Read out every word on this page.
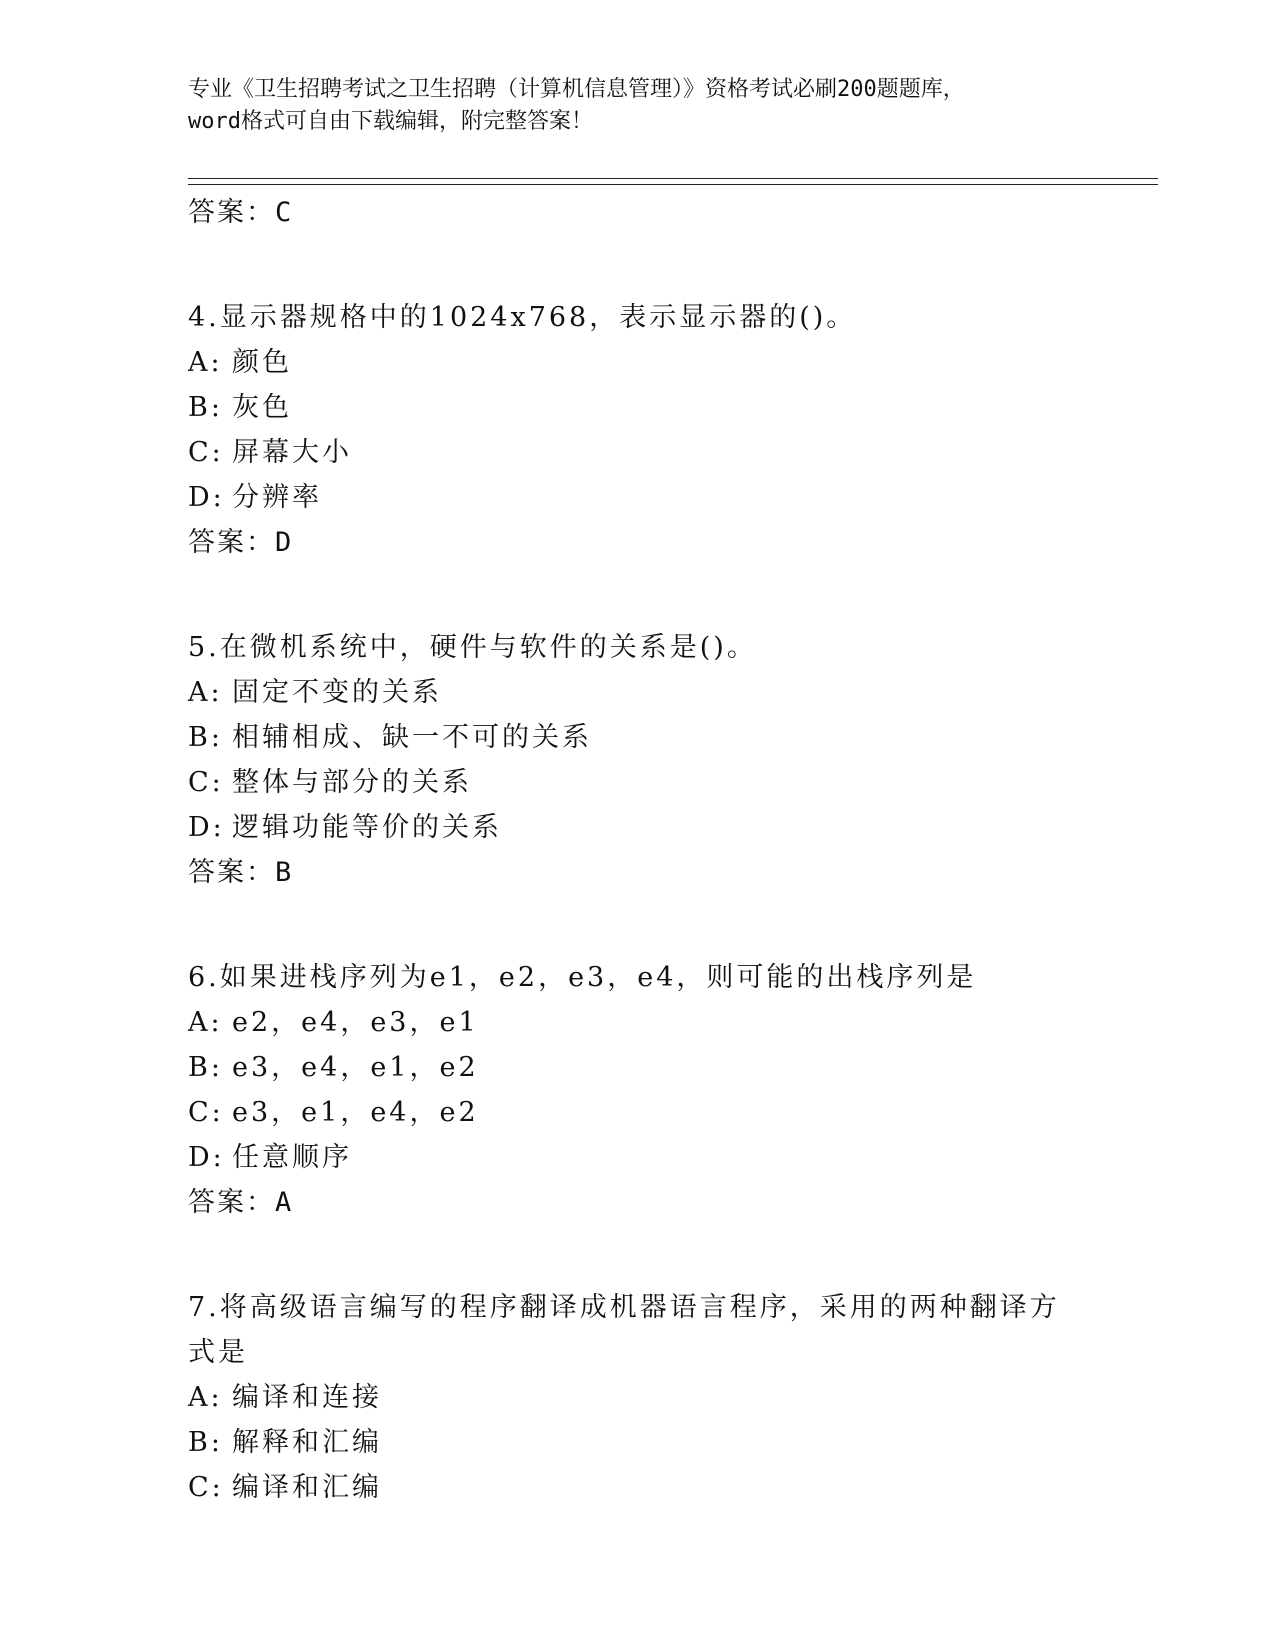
专业《卫生招聘考试之卫生招聘（计算机信息管理）》资格考试必刷200题题库，
word格式可自由下载编辑，附完整答案！
答案：C
4.显示器规格中的1024x768，表示显示器的()。
A: 颜色
B: 灰色
C: 屏幕大小
D: 分辨率
答案：D
5.在微机系统中，硬件与软件的关系是()。
A: 固定不变的关系
B: 相辅相成、缺一不可的关系
C: 整体与部分的关系
D: 逻辑功能等价的关系
答案：B
6.如果进栈序列为e1，e2，e3，e4，则可能的出栈序列是
A: e2，e4，e3，e1
B: e3，e4，e1，e2
C: e3，e1，e4，e2
D: 任意顺序
答案：A
7.将高级语言编写的程序翻译成机器语言程序，采用的两种翻译方式是
A: 编译和连接
B: 解释和汇编
C: 编译和汇编
